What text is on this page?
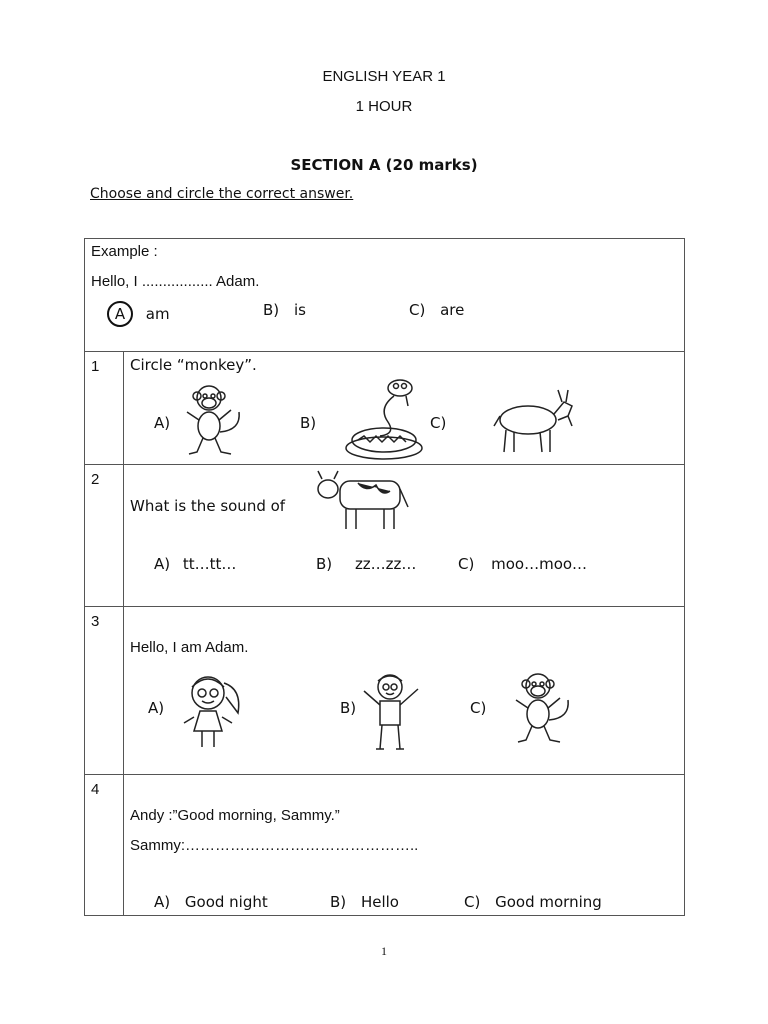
ENGLISH YEAR 1
1 HOUR
SECTION A (20 marks)
Choose and circle the correct answer.
Example :
Hello, I ................. Adam.
A am B) is C) are	

1	Circle “monkey”.
A) B) C)

2	What is the sound of
A) tt…tt… B) zz…zz… C) moo…moo…

3	Hello, I am Adam.
A) B) C)

4	Andy :”Good morning, Sammy.”
Sammy:………………………………………..
A) Good night B) Hello C) Good morning
1
